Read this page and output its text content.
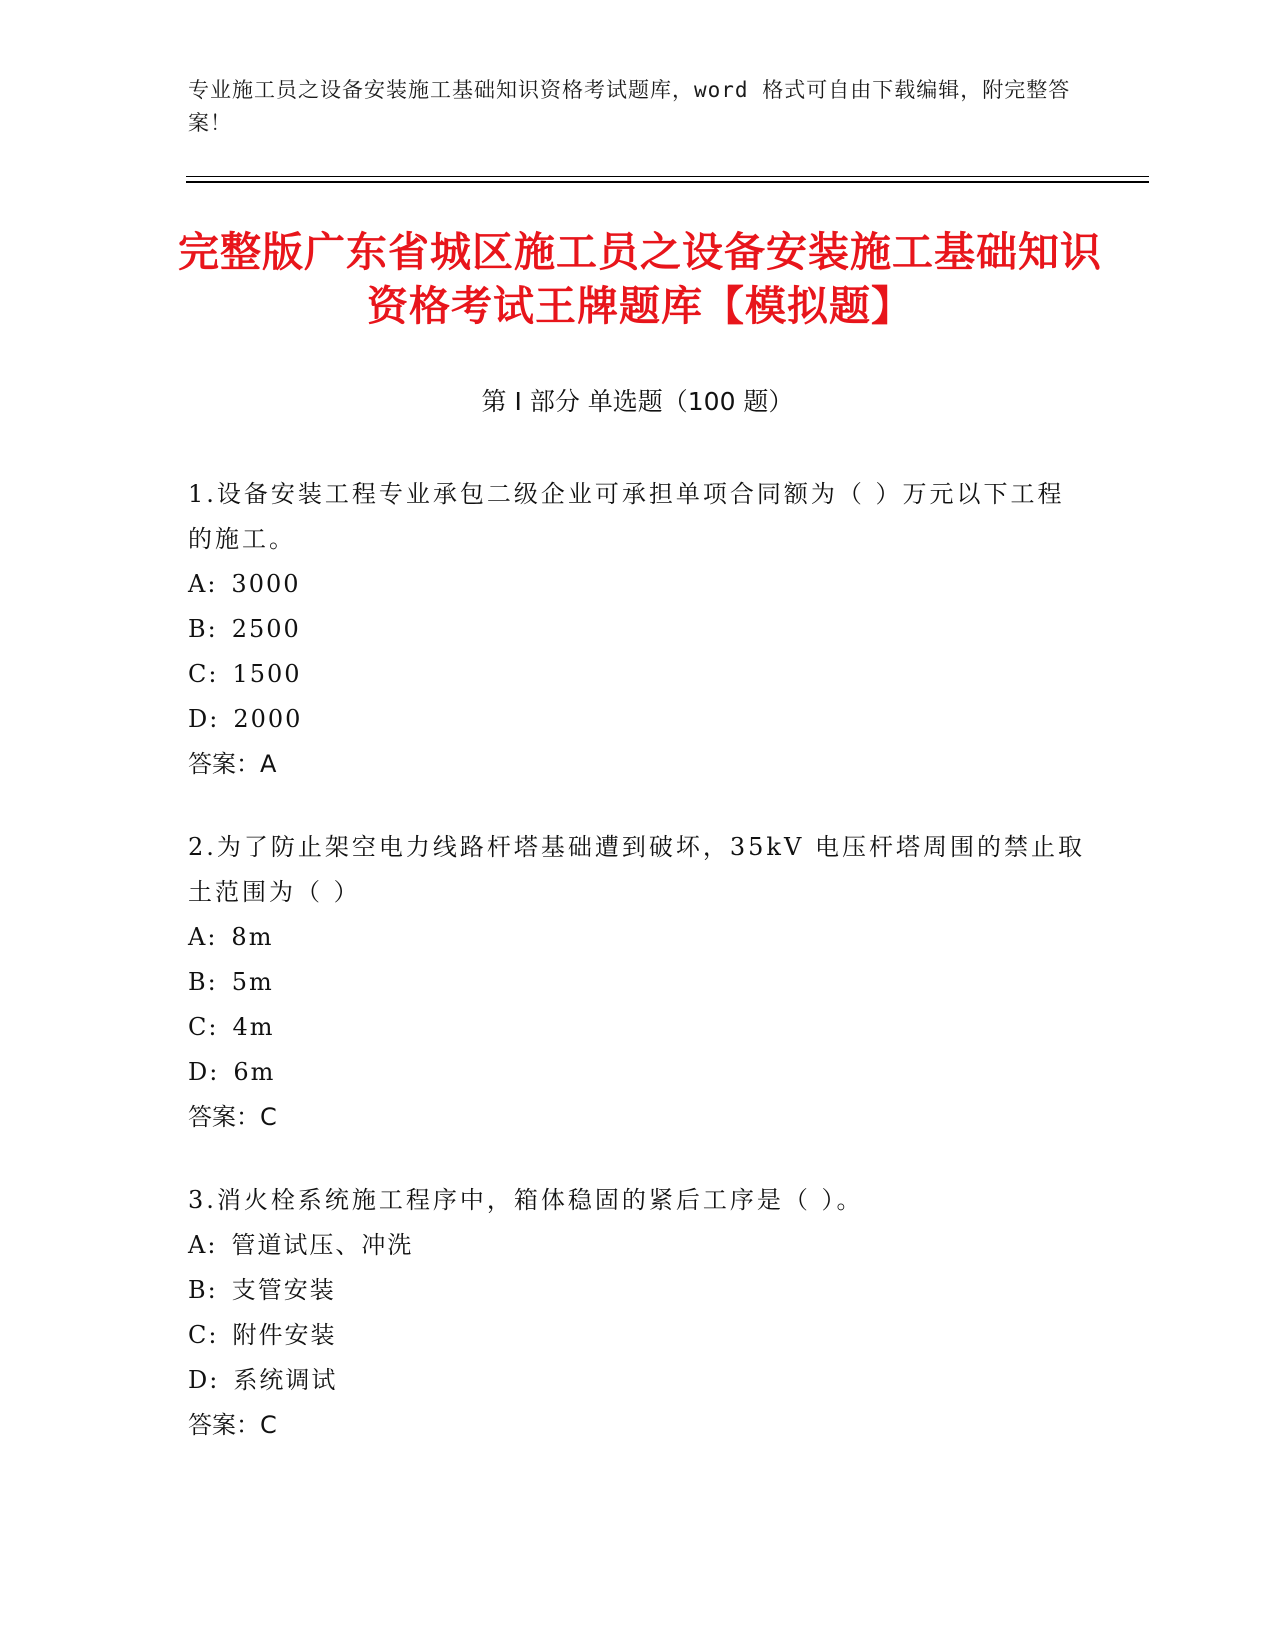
专业施工员之设备安装施工基础知识资格考试题库，word 格式可自由下载编辑，附完整答案！
完整版广东省城区施工员之设备安装施工基础知识资格考试王牌题库【模拟题】
第 I 部分 单选题（100 题）

1.设备安装工程专业承包二级企业可承担单项合同额为（ ）万元以下工程的施工。

A: 3000

B: 2500

C: 1500

D: 2000

答案：A

2.为了防止架空电力线路杆塔基础遭到破坏，35kV 电压杆塔周围的禁止取土范围为（ ）

A: 8m

B: 5m

C: 4m

D: 6m

答案：C

3.消火栓系统施工程序中，箱体稳固的紧后工序是（ ）。

A: 管道试压、冲洗

B: 支管安装

C: 附件安装

D: 系统调试

答案：C
